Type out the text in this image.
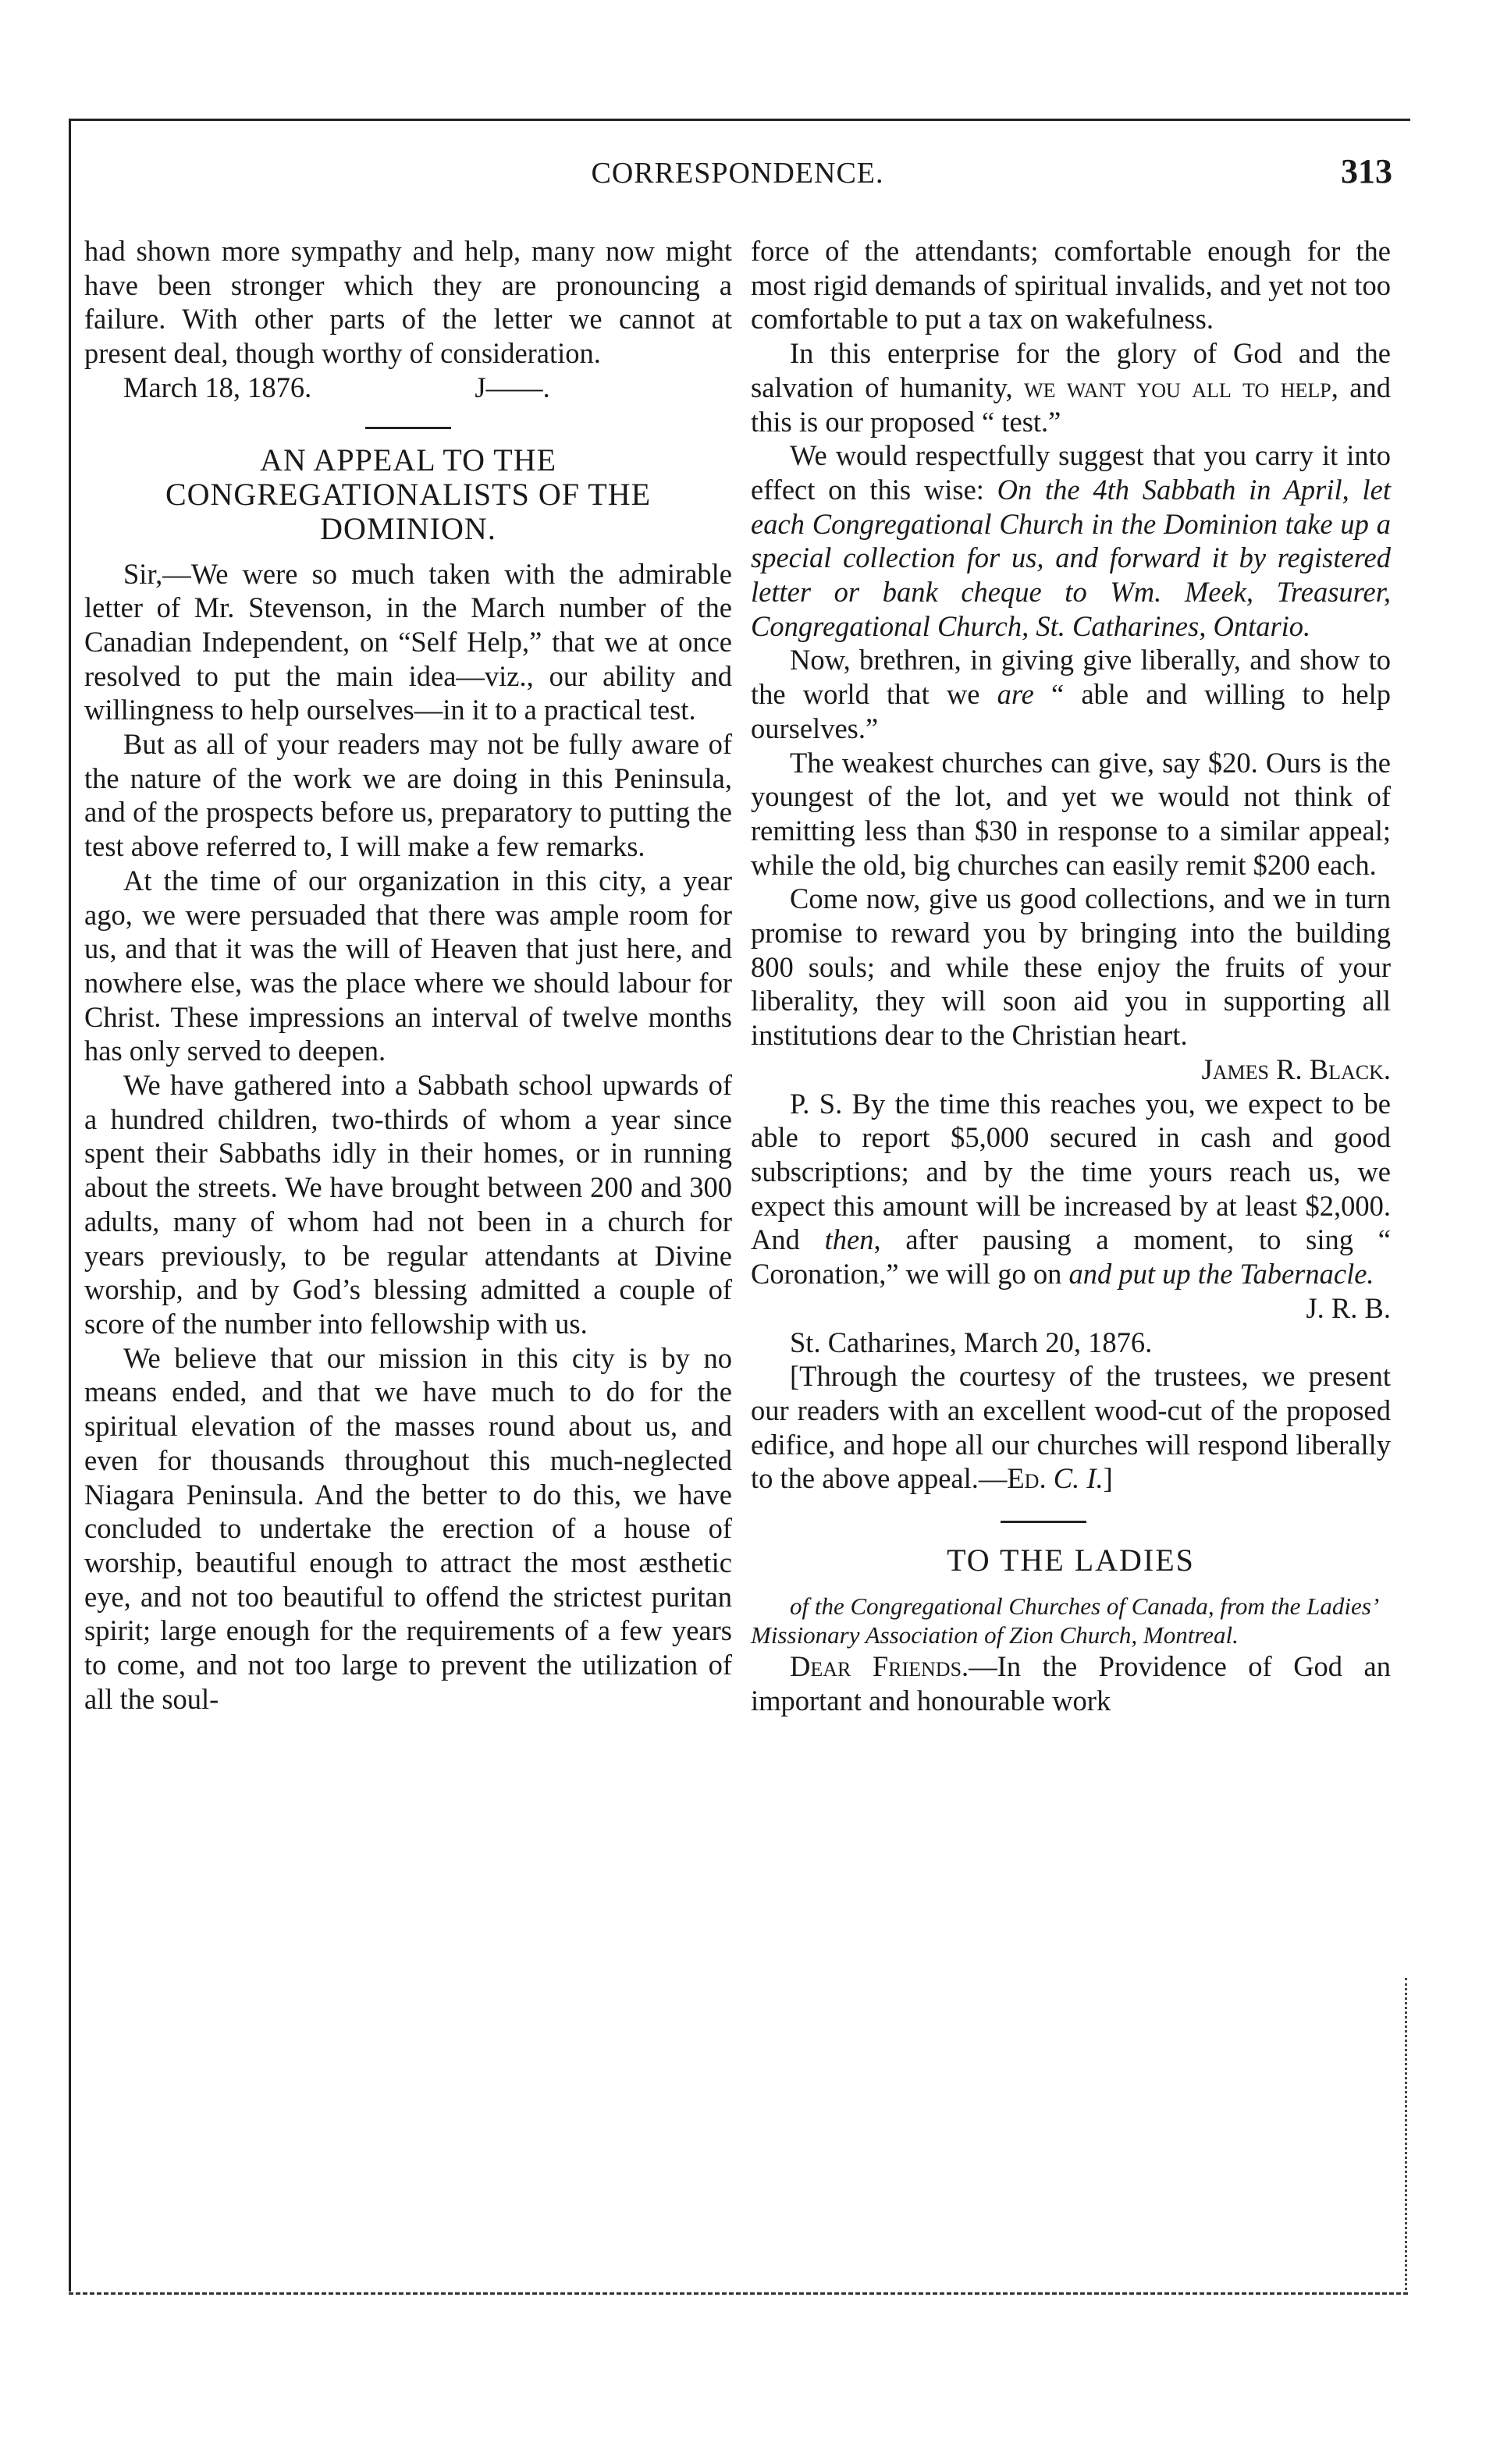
CORRESPONDENCE.	313

had shown more sympathy and help, many now might have been stronger which they are pronouncing a failure. With other parts of the letter we cannot at present deal, though worthy of consideration.

March 18, 1876.	J——.

AN APPEAL TO THE CONGREGATIONALISTS OF THE DOMINION.

Sir,—We were so much taken with the admirable letter of Mr. Stevenson, in the March number of the Canadian Independent, on “Self Help,” that we at once resolved to put the main idea—viz., our ability and willingness to help ourselves—in it to a practical test.

But as all of your readers may not be fully aware of the nature of the work we are doing in this Peninsula, and of the prospects before us, preparatory to putting the test above referred to, I will make a few remarks.

At the time of our organization in this city, a year ago, we were persuaded that there was ample room for us, and that it was the will of Heaven that just here, and nowhere else, was the place where we should labour for Christ. These impressions an interval of twelve months has only served to deepen.

We have gathered into a Sabbath school upwards of a hundred children, two-thirds of whom a year since spent their Sabbaths idly in their homes, or in running about the streets. We have brought between 200 and 300 adults, many of whom had not been in a church for years previously, to be regular attendants at Divine worship, and by God’s blessing admitted a couple of score of the number into fellowship with us.

We believe that our mission in this city is by no means ended, and that we have much to do for the spiritual elevation of the masses round about us, and even for thousands throughout this much-neglected Niagara Peninsula. And the better to do this, we have concluded to undertake the erection of a house of worship, beautiful enough to attract the most æsthetic eye, and not too beautiful to offend the strictest puritan spirit; large enough for the requirements of a few years to come, and not too large to prevent the utilization of all the soul-

force of the attendants; comfortable enough for the most rigid demands of spiritual invalids, and yet not too comfortable to put a tax on wakefulness.

In this enterprise for the glory of God and the salvation of humanity, we want you all to help, and this is our proposed “ test.”

We would respectfully suggest that you carry it into effect on this wise: On the 4th Sabbath in April, let each Congregational Church in the Dominion take up a special collection for us, and forward it by registered letter or bank cheque to Wm. Meek, Treasurer, Congregational Church, St. Catharines, Ontario.

Now, brethren, in giving give liberally, and show to the world that we are “ able and willing to help ourselves.”

The weakest churches can give, say $20. Ours is the youngest of the lot, and yet we would not think of remitting less than $30 in response to a similar appeal; while the old, big churches can easily remit $200 each.

Come now, give us good collections, and we in turn promise to reward you by bringing into the building 800 souls; and while these enjoy the fruits of your liberality, they will soon aid you in supporting all institutions dear to the Christian heart.

James R. Black.

P. S. By the time this reaches you, we expect to be able to report $5,000 secured in cash and good subscriptions; and by the time yours reach us, we expect this amount will be increased by at least $2,000. And then, after pausing a moment, to sing “ Coronation,” we will go on and put up the Tabernacle.

J. R. B.

St. Catharines, March 20, 1876.

[Through the courtesy of the trustees, we present our readers with an excellent wood-cut of the proposed edifice, and hope all our churches will respond liberally to the above appeal.—Ed. C. I.]

TO THE LADIES

of the Congregational Churches of Canada, from the Ladies’ Missionary Association of Zion Church, Montreal.

Dear Friends.—In the Providence of God an important and honourable work
